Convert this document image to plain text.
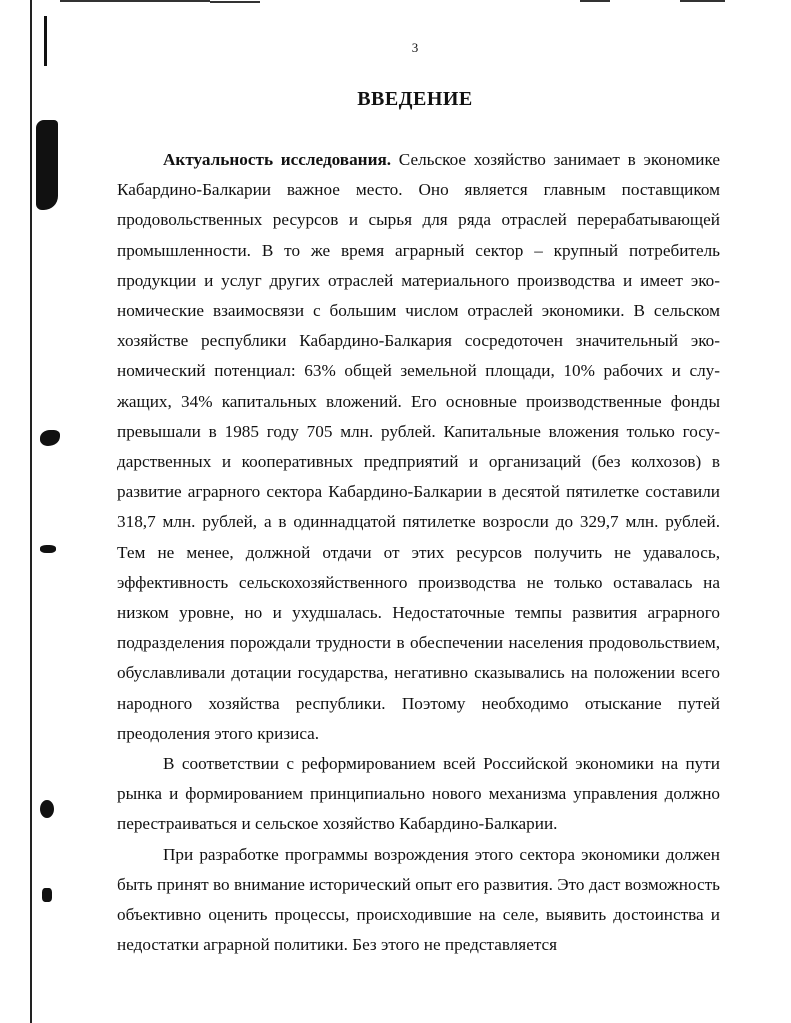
3
ВВЕДЕНИЕ

Актуальность исследования. Сельское хозяйство занимает в экономике Кабардино-Балкарии важное место. Оно является главным поставщиком продовольственных ресурсов и сырья для ряда отраслей перерабатывающей промышленности. В то же время аграрный сектор – крупный потребитель продукции и услуг других отраслей материального производства и имеет экономические взаимосвязи с большим числом отраслей экономики. В сельском хозяйстве республики Кабардино-Балкария сосредоточен значительный экономический потенциал: 63% общей земельной площади, 10% рабочих и служащих, 34% капитальных вложений. Его основные производственные фонды превышали в 1985 году 705 млн. рублей. Капитальные вложения только государственных и кооперативных предприятий и организаций (без колхозов) в развитие аграрного сектора Кабардино-Балкарии в десятой пятилетке составили 318,7 млн. рублей, а в одиннадцатой пятилетке возросли до 329,7 млн. рублей. Тем не менее, должной отдачи от этих ресурсов получить не удавалось, эффективность сельскохозяйственного производства не только оставалась на низком уровне, но и ухудшалась. Недостаточные темпы развития аграрного подразделения порождали трудности в обеспечении населения продовольствием, обуславливали дотации государства, негативно сказывались на положении всего народного хозяйства республики. Поэтому необходимо отыскание путей преодоления этого кризиса.

В соответствии с реформированием всей Российской экономики на пути рынка и формированием принципиально нового механизма управления должно перестраиваться и сельское хозяйство Кабардино-Балкарии.

При разработке программы возрождения этого сектора экономики должен быть принят во внимание исторический опыт его развития. Это даст возможность объективно оценить процессы, происходившие на селе, выявить достоинства и недостатки аграрной политики. Без этого не представляется
